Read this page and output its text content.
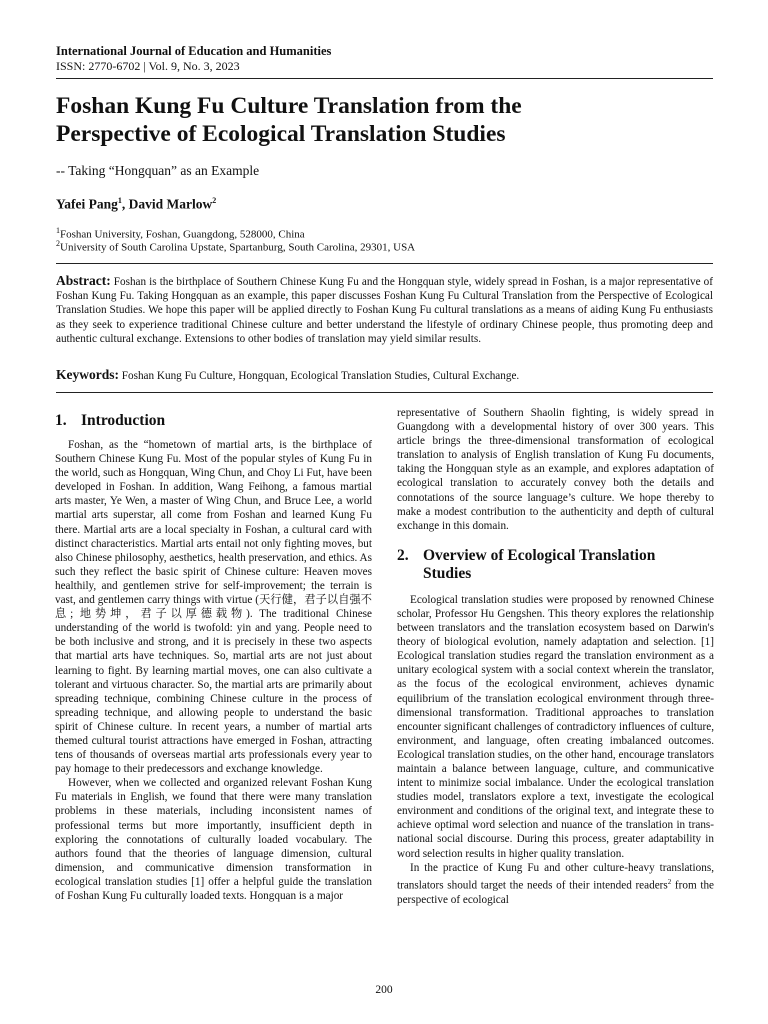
International Journal of Education and Humanities
ISSN: 2770-6702 | Vol. 9, No. 3, 2023
Foshan Kung Fu Culture Translation from the
Perspective of Ecological Translation Studies
-- Taking “Hongquan” as an Example
Yafei Pang$^1$, David Marlow$^2$
$^1$Foshan University, Foshan, Guangdong, 528000, China
$^2$University of South Carolina Upstate, Spartanburg, South Carolina, 29301, USA
Abstract: Foshan is the birthplace of Southern Chinese Kung Fu and the Hongquan style, widely spread in Foshan, is a major representative of Foshan Kung Fu. Taking Hongquan as an example, this paper discusses Foshan Kung Fu Cultural Translation from the Perspective of Ecological Translation Studies. We hope this paper will be applied directly to Foshan Kung Fu cultural translations as a means of aiding Kung Fu enthusiasts as they seek to experience traditional Chinese culture and better understand the lifestyle of ordinary Chinese people, thus promoting deep and authentic cultural exchange. Extensions to other bodies of translation may yield similar results.
Keywords: Foshan Kung Fu Culture, Hongquan, Ecological Translation Studies, Cultural Exchange.
1. Introduction

Foshan, as the “hometown of martial arts, is the birthplace of Southern Chinese Kung Fu. Most of the popular styles of Kung Fu in the world, such as Hongquan, Wing Chun, and Choy Li Fut, have been developed in Foshan. In addition, Wang Feihong, a famous martial arts master, Ye Wen, a master of Wing Chun, and Bruce Lee, a world martial arts superstar, all come from Foshan and learned Kung Fu there. Martial arts are a local specialty in Foshan, a cultural card with distinct characteristics. Martial arts entail not only fighting moves, but also Chinese philosophy, aesthetics, health preservation, and ethics. As such they reflect the basic spirit of Chinese culture: Heaven moves healthily, and gentlemen strive for self-improvement; the terrain is vast, and gentlemen carry things with virtue (天行健，君子以自强不息; 地势坤，君子以厚德载物). The traditional Chinese understanding of the world is twofold: yin and yang. People need to be both inclusive and strong, and it is precisely in these two aspects that martial arts have techniques. So, martial arts are not just about learning to fight. By learning martial moves, one can also cultivate a tolerant and virtuous character. So, the martial arts are primarily about spreading technique, combining Chinese culture in the process of spreading technique, and allowing people to understand the basic spirit of Chinese culture. In recent years, a number of martial arts themed cultural tourist attractions have emerged in Foshan, attracting tens of thousands of overseas martial arts professionals every year to pay homage to their predecessors and exchange knowledge.

However, when we collected and organized relevant Foshan Kung Fu materials in English, we found that there were many translation problems in these materials, including inconsistent names of professional terms but more importantly, insufficient depth in exploring the connotations of culturally loaded vocabulary. The authors found that the theories of language dimension, cultural dimension, and communicative dimension transformation in ecological translation studies [1] offer a helpful guide the translation of Foshan Kung Fu culturally loaded texts. Hongquan is a major

representative of Southern Shaolin fighting, is widely spread in Guangdong with a developmental history of over 300 years. This article brings the three-dimensional transformation of ecological translation to analysis of English translation of Kung Fu documents, taking the Hongquan style as an example, and explores adaptation of ecological translation to accurately convey both the details and connotations of the source language’s culture. We hope thereby to make a modest contribution to the authenticity and depth of cultural exchange in this domain.

2. Overview of Ecological Translation
Studies

Ecological translation studies were proposed by renowned Chinese scholar, Professor Hu Gengshen. This theory explores the relationship between translators and the translation ecosystem based on Darwin's theory of biological evolution, namely adaptation and selection. [1] Ecological translation studies regard the translation environment as a unitary ecological system with a social context wherein the translator, as the focus of the ecological environment, achieves dynamic equilibrium of the translation ecological environment through three-dimensional transformation. Traditional approaches to translation encounter significant challenges of contradictory influences of culture, environment, and language, often creating imbalanced outcomes. Ecological translation studies, on the other hand, encourage translators maintain a balance between language, culture, and communicative intent to minimize social imbalance. Under the ecological translation studies model, translators explore a text, investigate the ecological environment and conditions of the original text, and integrate these to achieve optimal word selection and nuance of the translation in trans-national social discourse. During this process, greater adaptability in word selection results in higher quality translation.

In the practice of Kung Fu and other culture-heavy translations, translators should target the needs of their intended readers$^2$ from the perspective of ecological

200
